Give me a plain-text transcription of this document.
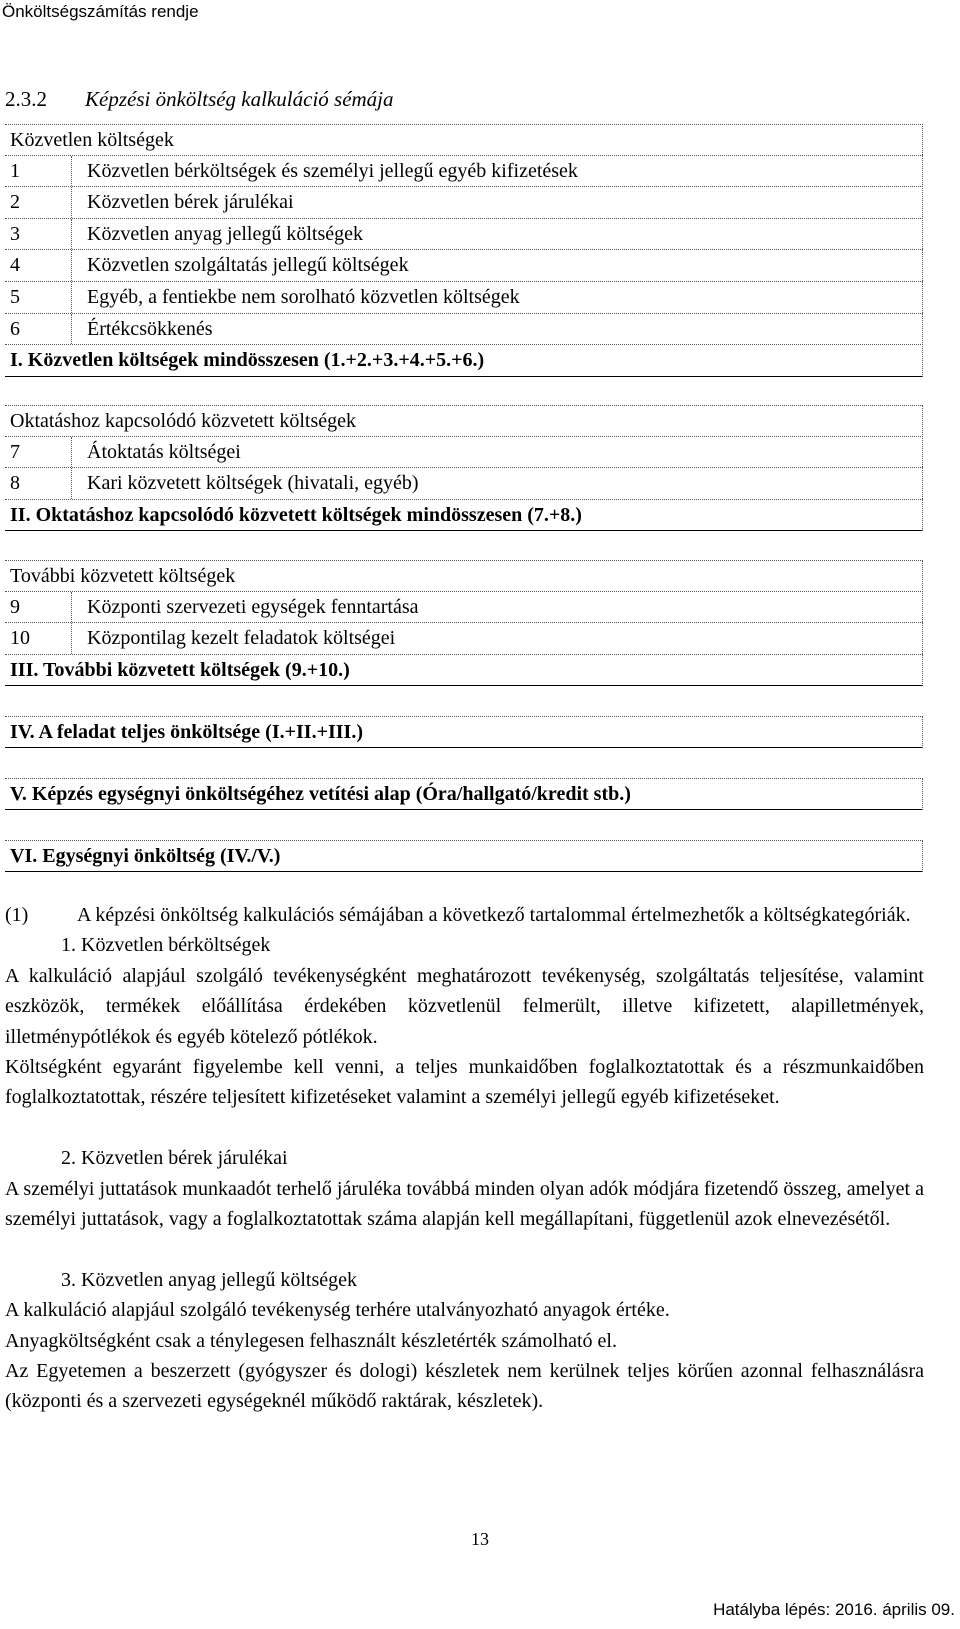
Önköltségszámítás rendje
2.3.2 Képzési önköltség kalkuláció sémája
Közvetlen költségek
1	Közvetlen bérköltségek és személyi jellegű egyéb kifizetések
2	Közvetlen bérek járulékai
3	Közvetlen anyag jellegű költségek
4	Közvetlen szolgáltatás jellegű költségek
5	Egyéb, a fentiekbe nem sorolható közvetlen költségek
6	Értékcsökkenés
I. Közvetlen költségek mindösszesen (1.+2.+3.+4.+5.+6.)
Oktatáshoz kapcsolódó közvetett költségek
7	Átoktatás költségei
8	Kari közvetett költségek (hivatali, egyéb)
II. Oktatáshoz kapcsolódó közvetett költségek mindösszesen (7.+8.)
További közvetett költségek
9	Központi szervezeti egységek fenntartása
10	Központilag kezelt feladatok költségei
III. További közvetett költségek (9.+10.)
IV. A feladat teljes önköltsége (I.+II.+III.)
V. Képzés egységnyi önköltségéhez vetítési alap (Óra/hallgató/kredit stb.)
VI. Egységnyi önköltség (IV./V.)

(1) A képzési önköltség kalkulációs sémájában a következő tartalommal értelmezhetők a költségkategóriák.

1. Közvetlen bérköltségek

A kalkuláció alapjául szolgáló tevékenységként meghatározott tevékenység, szolgáltatás teljesítése, valamint eszközök, termékek előállítása érdekében közvetlenül felmerült, illetve kifizetett, alapilletmények, illetménypótlékok és egyéb kötelező pótlékok.

Költségként egyaránt figyelembe kell venni, a teljes munkaidőben foglalkoztatottak és a részmunkaidőben foglalkoztatottak, részére teljesített kifizetéseket valamint a személyi jellegű egyéb kifizetéseket.

2. Közvetlen bérek járulékai

A személyi juttatások munkaadót terhelő járuléka továbbá minden olyan adók módjára fizetendő összeg, amelyet a személyi juttatások, vagy a foglalkoztatottak száma alapján kell megállapítani, függetlenül azok elnevezésétől.

3. Közvetlen anyag jellegű költségek

A kalkuláció alapjául szolgáló tevékenység terhére utalványozható anyagok értéke.

Anyagköltségként csak a ténylegesen felhasznált készletérték számolható el.

Az Egyetemen a beszerzett (gyógyszer és dologi) készletek nem kerülnek teljes körűen azonnal felhasználásra (központi és a szervezeti egységeknél működő raktárak, készletek).

13
Hatályba lépés: 2016. április 09.
